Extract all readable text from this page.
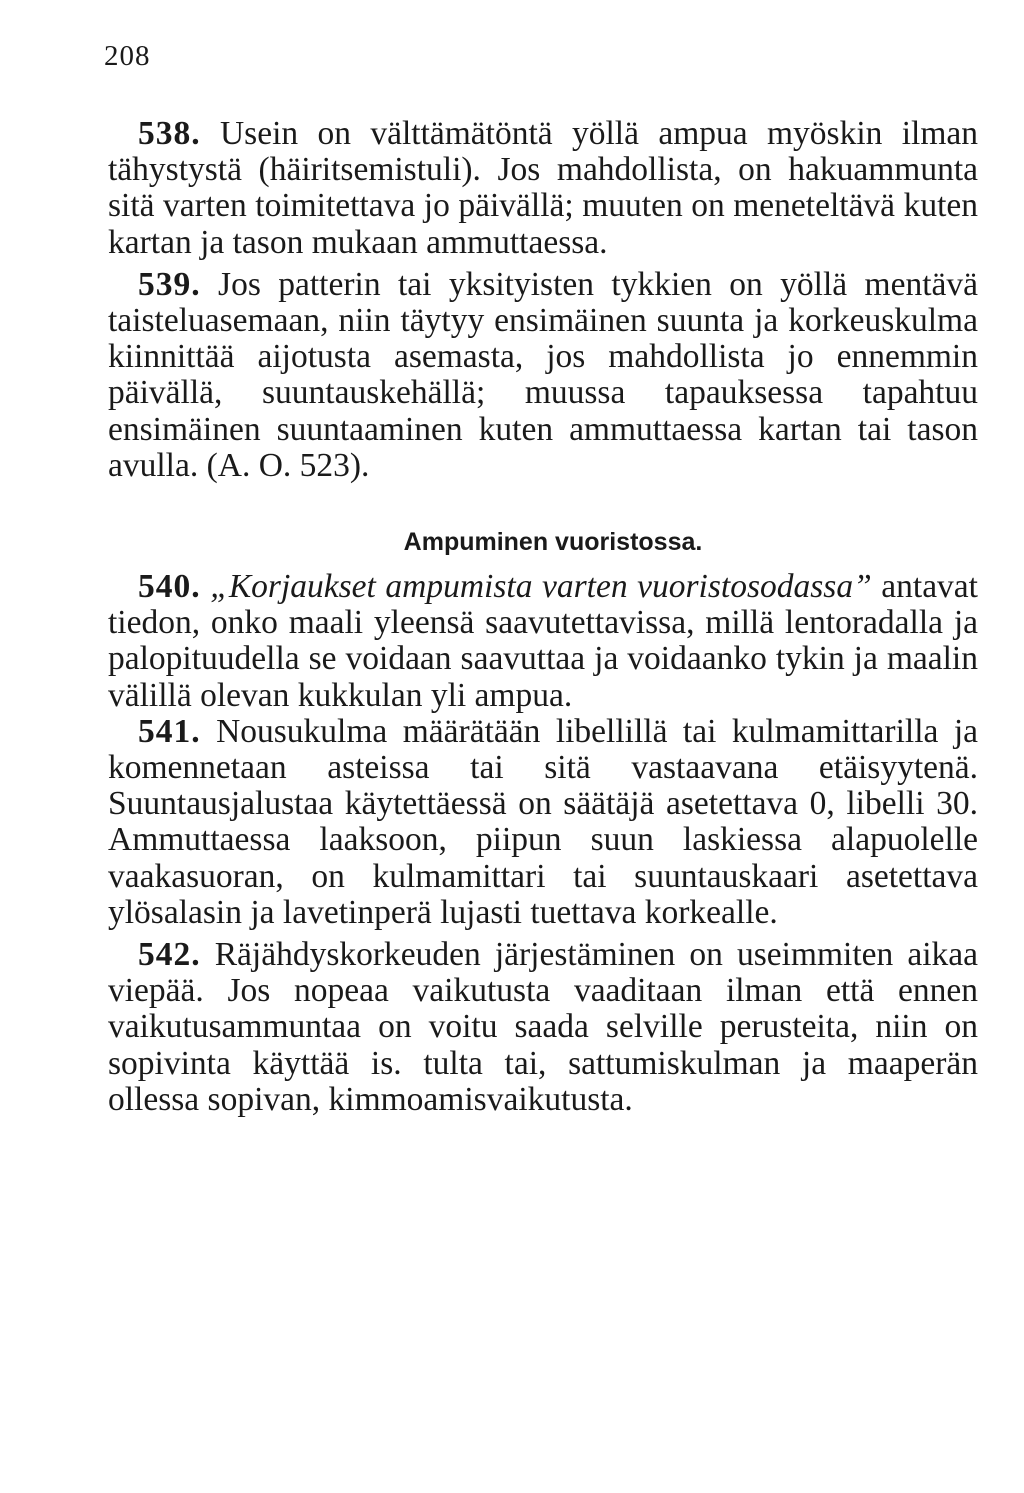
208

538. Usein on välttämätöntä yöllä ampua myöskin ilman tähystystä (häiritsemistuli). Jos mahdollista, on hakuammunta sitä varten toimitettava jo päivällä; muuten on meneteltävä kuten kartan ja tason mukaan ammuttaessa.

539. Jos patterin tai yksityisten tykkien on yöllä mentävä taisteluasemaan, niin täytyy ensimäinen suunta ja korkeuskulma kiinnittää aijotusta asemasta, jos mahdollista jo ennemmin päivällä, suuntauskehällä; muussa tapauksessa tapahtuu ensimäinen suuntaaminen kuten ammuttaessa kartan tai tason avulla. (A. O. 523).

Ampuminen vuoristossa.

540. „Korjaukset ampumista varten vuoristosodassa” antavat tiedon, onko maali yleensä saavutettavissa, millä lentoradalla ja palopituudella se voidaan saavuttaa ja voidaanko tykin ja maalin välillä olevan kukkulan yli ampua.

541. Nousukulma määrätään libellillä tai kulmamittarilla ja komennetaan asteissa tai sitä vastaavana etäisyytenä. Suuntausjalustaa käytettäessä on säätäjä asetettava 0, libelli 30. Ammuttaessa laaksoon, piipun suun laskiessa alapuolelle vaakasuoran, on kulmamittari tai suuntauskaari asetettava ylösalasin ja lavetinperä lujasti tuettava korkealle.

542. Räjähdyskorkeuden järjestäminen on useimmiten aikaa viepää. Jos nopeaa vaikutusta vaaditaan ilman että ennen vaikutusammuntaa on voitu saada selville perusteita, niin on sopivinta käyttää is. tulta tai, sattumiskulman ja maaperän ollessa sopivan, kimmoamisvaikutusta.
